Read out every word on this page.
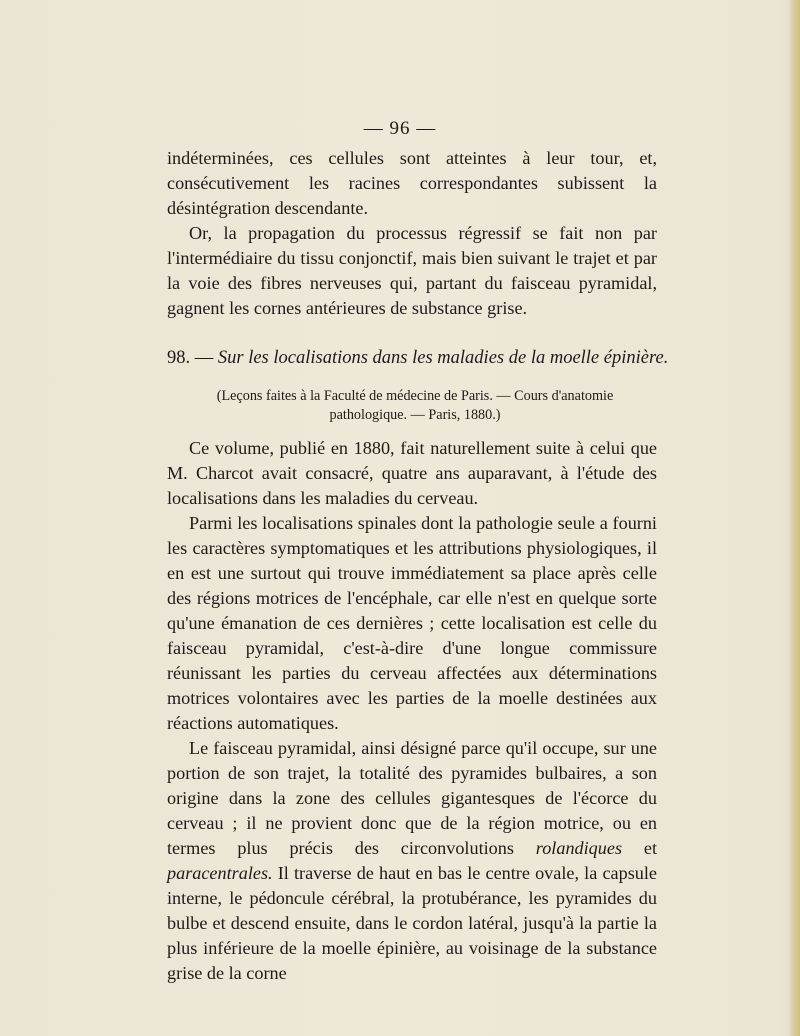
— 96 —

indéterminées, ces cellules sont atteintes à leur tour, et, consécutivement les racines correspondantes subissent la désintégration descendante.

Or, la propagation du processus régressif se fait non par l'intermédiaire du tissu conjonctif, mais bien suivant le trajet et par la voie des fibres nerveuses qui, partant du faisceau pyramidal, gagnent les cornes antérieures de substance grise.

98. — Sur les localisations dans les maladies de la moelle épinière.
(Leçons faites à la Faculté de médecine de Paris. — Cours d'anatomie pathologique. — Paris, 1880.)

Ce volume, publié en 1880, fait naturellement suite à celui que M. Charcot avait consacré, quatre ans auparavant, à l'étude des localisations dans les maladies du cerveau.

Parmi les localisations spinales dont la pathologie seule a fourni les caractères symptomatiques et les attributions physiologiques, il en est une surtout qui trouve immédiatement sa place après celle des régions motrices de l'encéphale, car elle n'est en quelque sorte qu'une émanation de ces dernières ; cette localisation est celle du faisceau pyramidal, c'est-à-dire d'une longue commissure réunissant les parties du cerveau affectées aux déterminations motrices volontaires avec les parties de la moelle destinées aux réactions automatiques.

Le faisceau pyramidal, ainsi désigné parce qu'il occupe, sur une portion de son trajet, la totalité des pyramides bulbaires, a son origine dans la zone des cellules gigantesques de l'écorce du cerveau ; il ne provient donc que de la région motrice, ou en termes plus précis des circonvolutions rolandiques et paracentrales. Il traverse de haut en bas le centre ovale, la capsule interne, le pédoncule cérébral, la protubérance, les pyramides du bulbe et descend ensuite, dans le cordon latéral, jusqu'à la partie la plus inférieure de la moelle épinière, au voisinage de la substance grise de la corne
